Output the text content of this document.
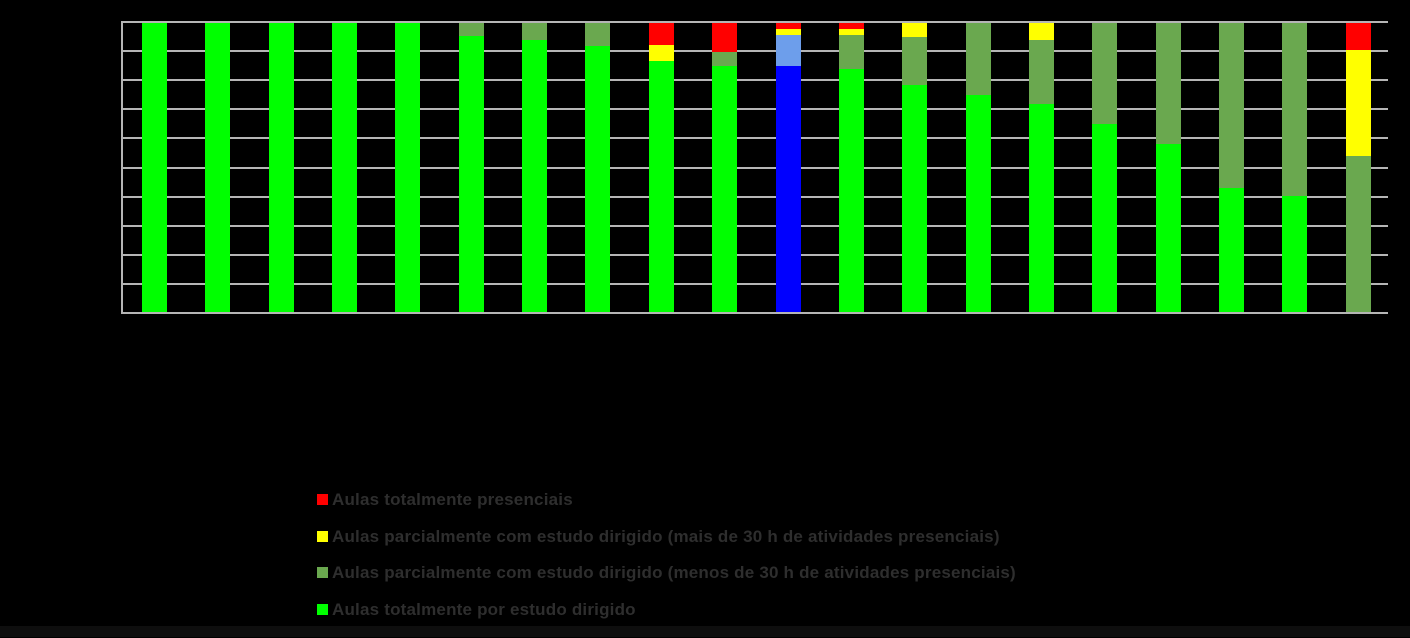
Aulas totalmente presenciais
Aulas parcialmente com estudo dirigido (mais de 30 h de atividades presenciais)
Aulas parcialmente com estudo dirigido (menos de 30 h de atividades presenciais)
Aulas totalmente por estudo dirigido
